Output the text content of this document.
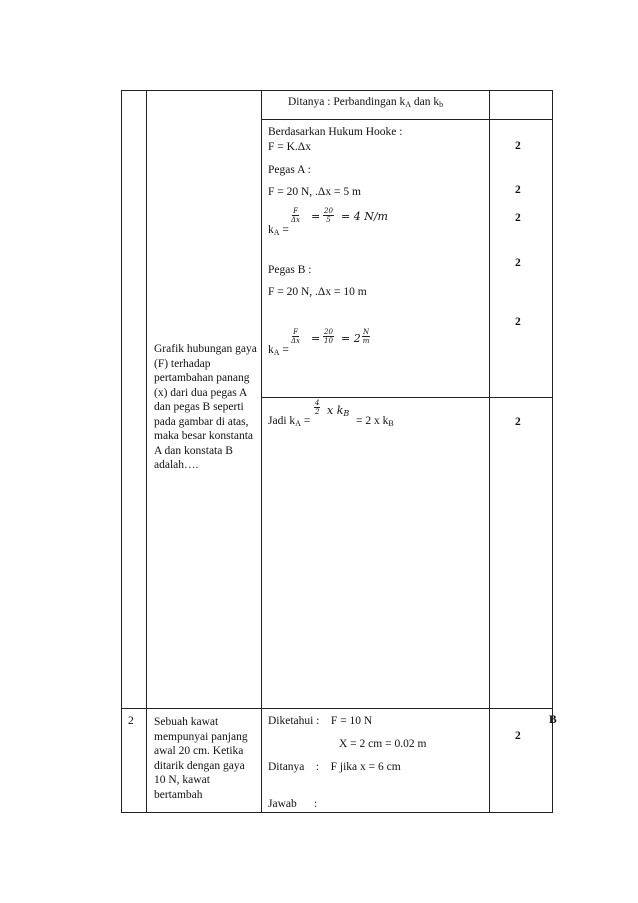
Ditanya : Perbandingan $k_A$ dan $k_b$
Grafik hubungan gaya (F) terhadap pertambahan panang (x) dari dua pegas A dan pegas B seperti pada gambar di atas, maka besar konstanta A dan konstata B adalah….
Berdasarkan Hukum Hooke :
F = K.Δx
Pegas A :
F = 20 N, .Δx = 5 m
$k_A$ =
$\frac{F}{\Delta x} = \frac{20}{5} = 4$ N/m
Pegas B :
F = 20 N, .Δx = 10 m
$k_A$ =
$\frac{F}{\Delta x} = \frac{20}{10} = 2 \frac{N}{m}$
Jadi $k_A$ =
$\frac{4}{2}$ x $k_B$
= 2 x $k_B$
2
2
2
2
2
2
2 Sebuah kawat mempunyai panjang awal 20 cm. Ketika ditarik dengan gaya 10 N, kawat bertambah
Diketahui :    F = 10 N
X = 2 cm = 0.02 m
Ditanya    :    F jika x = 6 cm
Jawab      :
2
B
